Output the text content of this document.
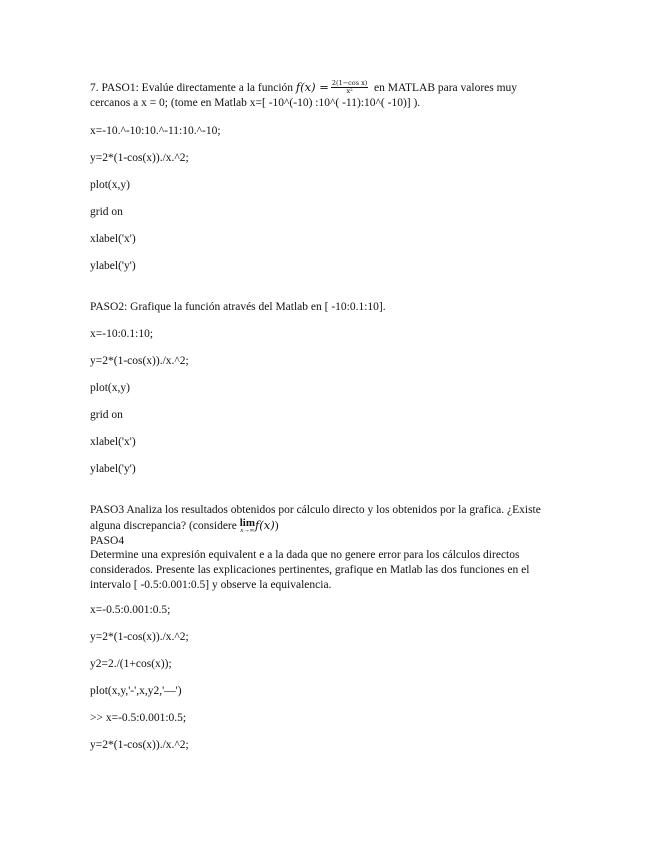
7. PASO1: Evalúe directamente a la función $f(x) = \frac{\text{2(1−cos x)}}{\text{x²}}$ en MATLAB para valores muy
cercanos a x = 0; (tome en Matlab x=[ -10^(-10) :10^( -11):10^( -10)] ).
x=-10.^-10:10.^-11:10.^-10;
y=2*(1-cos(x))./x.^2;
plot(x,y)
grid on
xlabel('x')
ylabel('y')
PASO2: Grafique la función através del Matlab en [ -10:0.1:10].
x=-10:0.1:10;
y=2*(1-cos(x))./x.^2;
plot(x,y)
grid on
xlabel('x')
ylabel('y')
PASO3 Analiza los resultados obtenidos por cálculo directo y los obtenidos por la grafica. ¿Existe
alguna discrepancia? (considere lim
x→∞ f(x))
PASO4
Determine una expresión equivalent e a la dada que no genere error para los cálculos directos
considerados. Presente las explicaciones pertinentes, grafique en Matlab las dos funciones en el
intervalo [ -0.5:0.001:0.5] y observe la equivalencia.
x=-0.5:0.001:0.5;
y=2*(1-cos(x))./x.^2;
y2=2./(1+cos(x));
plot(x,y,'-',x,y2,'—')
>> x=-0.5:0.001:0.5;
y=2*(1-cos(x))./x.^2;
